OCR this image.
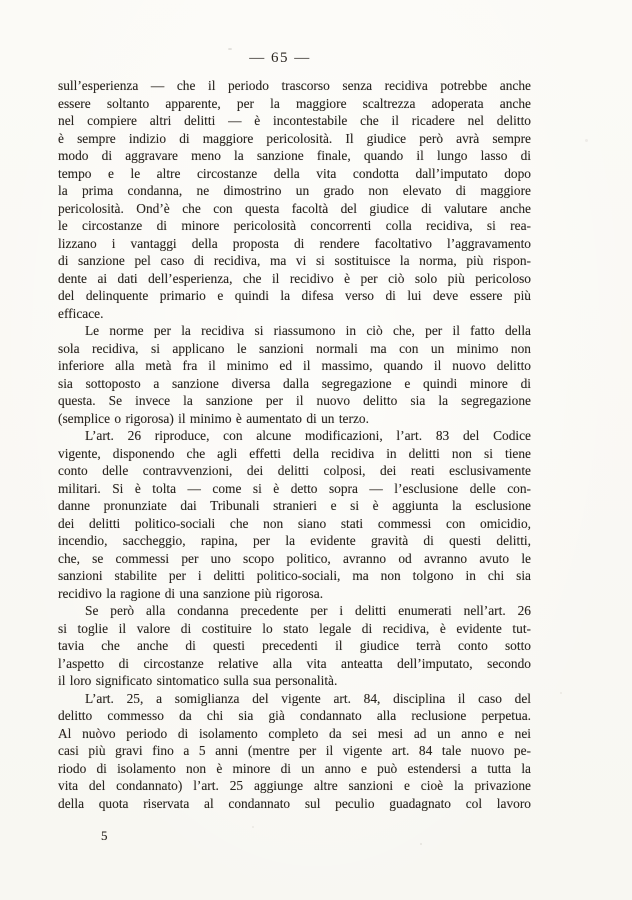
— 65 —
sull’esperienza — che il periodo trascorso senza recidiva potrebbe anche
essere soltanto apparente, per la maggiore scaltrezza adoperata anche
nel compiere altri delitti — è incontestabile che il ricadere nel delitto
è sempre indizio di maggiore pericolosità. Il giudice però avrà sempre
modo di aggravare meno la sanzione finale, quando il lungo lasso di
tempo e le altre circostanze della vita condotta dall’imputato dopo
la prima condanna, ne dimostrino un grado non elevato di maggiore
pericolosità. Ond’è che con questa facoltà del giudice di valutare anche
le circostanze di minore pericolosità concorrenti colla recidiva, si rea-
lizzano i vantaggi della proposta di rendere facoltativo l’aggravamento
di sanzione pel caso di recidiva, ma vi si sostituisce la norma, più rispon-
dente ai dati dell’esperienza, che il recidivo è per ciò solo più pericoloso
del delinquente primario e quindi la difesa verso di lui deve essere più
efficace.
Le norme per la recidiva si riassumono in ciò che, per il fatto della
sola recidiva, si applicano le sanzioni normali ma con un minimo non
inferiore alla metà fra il minimo ed il massimo, quando il nuovo delitto
sia sottoposto a sanzione diversa dalla segregazione e quindi minore di
questa. Se invece la sanzione per il nuovo delitto sia la segregazione
(semplice o rigorosa) il minimo è aumentato di un terzo.
L’art. 26 riproduce, con alcune modificazioni, l’art. 83 del Codice
vigente, disponendo che agli effetti della recidiva in delitti non si tiene
conto delle contravvenzioni, dei delitti colposi, dei reati esclusivamente
militari. Si è tolta — come si è detto sopra — l’esclusione delle con-
danne pronunziate dai Tribunali stranieri e si è aggiunta la esclusione
dei delitti politico-sociali che non siano stati commessi con omicidio,
incendio, saccheggio, rapina, per la evidente gravità di questi delitti,
che, se commessi per uno scopo politico, avranno od avranno avuto le
sanzioni stabilite per i delitti politico-sociali, ma non tolgono in chi sia
recidivo la ragione di una sanzione più rigorosa.
Se però alla condanna precedente per i delitti enumerati nell’art. 26
si toglie il valore di costituire lo stato legale di recidiva, è evidente tut-
tavia che anche di questi precedenti il giudice terrà conto sotto
l’aspetto di circostanze relative alla vita anteatta dell’imputato, secondo
il loro significato sintomatico sulla sua personalità.
L’art. 25, a somiglianza del vigente art. 84, disciplina il caso del
delitto commesso da chi sia già condannato alla reclusione perpetua.
Al nuòvo periodo di isolamento completo da sei mesi ad un anno e nei
casi più gravi fino a 5 anni (mentre per il vigente art. 84 tale nuovo pe-
riodo di isolamento non è minore di un anno e può estendersi a tutta la
vita del condannato) l’art. 25 aggiunge altre sanzioni e cioè la privazione
della quota riservata al condannato sul peculio guadagnato col lavoro
5
